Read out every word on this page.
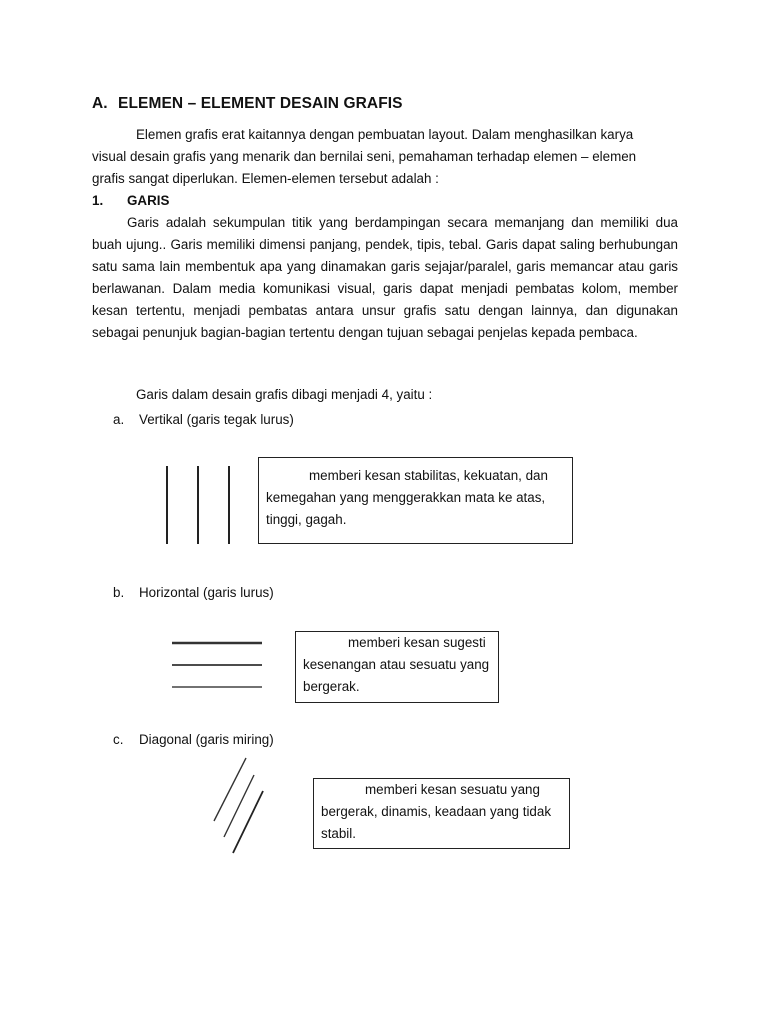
A. ELEMEN – ELEMENT DESAIN GRAFIS
Elemen grafis erat kaitannya dengan pembuatan layout. Dalam menghasilkan karya
visual desain grafis yang menarik dan bernilai seni, pemahaman terhadap elemen – elemen
grafis sangat diperlukan. Elemen-elemen tersebut adalah :
1. GARIS
Garis adalah sekumpulan titik yang berdampingan secara memanjang dan memiliki dua buah ujung.. Garis memiliki dimensi panjang, pendek, tipis, tebal. Garis dapat saling berhubungan satu sama lain membentuk apa yang dinamakan garis sejajar/paralel, garis memancar atau garis berlawanan. Dalam media komunikasi visual, garis dapat menjadi pembatas kolom, member kesan tertentu, menjadi pembatas antara unsur grafis satu dengan lainnya, dan digunakan sebagai penunjuk bagian-bagian tertentu dengan tujuan sebagai penjelas kepada pembaca.
Garis dalam desain grafis dibagi menjadi 4, yaitu :
a. Vertikal (garis tegak lurus)
memberi kesan stabilitas, kekuatan, dan
kemegahan yang menggerakkan mata ke atas,
tinggi, gagah.
b. Horizontal (garis lurus)
memberi kesan sugesti
kesenangan atau sesuatu yang
bergerak.
c. Diagonal (garis miring)
memberi kesan sesuatu yang
bergerak, dinamis, keadaan yang tidak
stabil.
